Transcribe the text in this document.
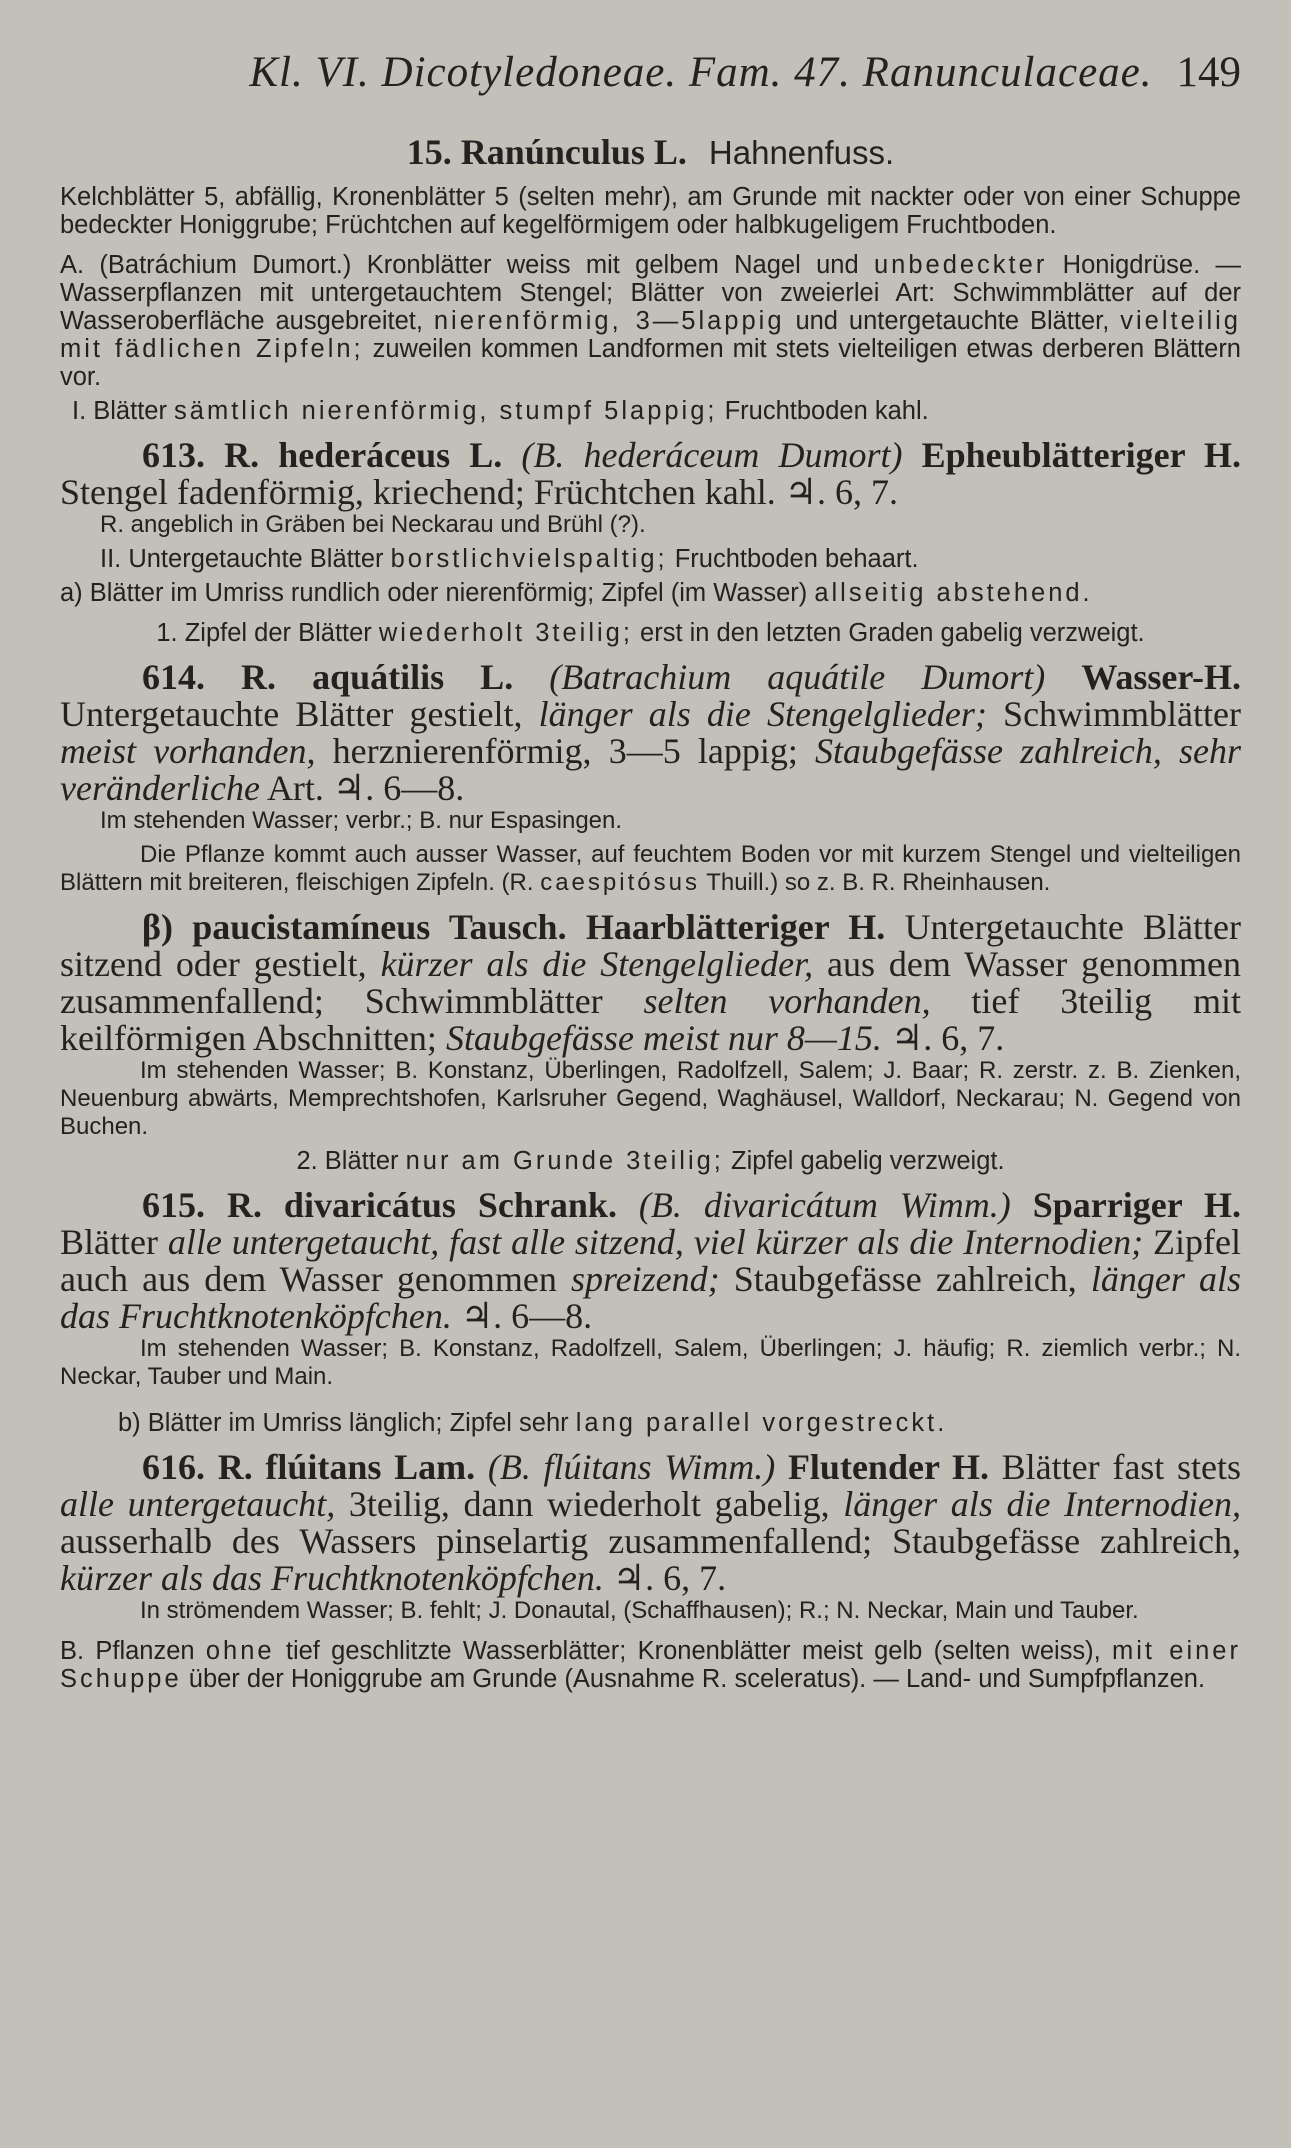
Kl. VI. Dicotyledoneae. Fam. 47. Ranunculaceae. 149
15. Ranúnculus L. Hahnenfuss.
Kelchblätter 5, abfällig, Kronenblätter 5 (selten mehr), am Grunde mit nackter oder von einer Schuppe bedeckter Honiggrube; Früchtchen auf kegelförmigem oder halbkugeligem Fruchtboden.
A. (Batráchium Dumort.) Kronblätter weiss mit gelbem Nagel und unbedeckter Honigdrüse. — Wasserpflanzen mit untergetauchtem Stengel; Blätter von zweierlei Art: Schwimmblätter auf der Wasseroberfläche ausgebreitet, nierenförmig, 3—5lappig und untergetauchte Blätter, vielteilig mit fädlichen Zipfeln; zuweilen kommen Landformen mit stets vielteiligen etwas derberen Blättern vor.
I. Blätter sämtlich nierenförmig, stumpf 5lappig; Fruchtboden kahl.
613. R. hederáceus L. (B. hederáceum Dumort) Epheublätteriger H. Stengel fadenförmig, kriechend; Früchtchen kahl. ♃. 6, 7.
R. angeblich in Gräben bei Neckarau und Brühl (?).
II. Untergetauchte Blätter borstlichvielspaltig; Fruchtboden behaart.
a) Blätter im Umriss rundlich oder nierenförmig; Zipfel (im Wasser) allseitig abstehend.
1. Zipfel der Blätter wiederholt 3teilig; erst in den letzten Graden gabelig verzweigt.
614. R. aquátilis L. (Batrachium aquátile Dumort) Wasser-H. Untergetauchte Blätter gestielt, länger als die Stengelglieder; Schwimmblätter meist vorhanden, herznierenförmig, 3—5 lappig; Staubgefässe zahlreich, sehr veränderliche Art. ♃. 6—8.
Im stehenden Wasser; verbr.; B. nur Espasingen.
Die Pflanze kommt auch ausser Wasser, auf feuchtem Boden vor mit kurzem Stengel und vielteiligen Blättern mit breiteren, fleischigen Zipfeln. (R. caespitósus Thuill.) so z. B. R. Rheinhausen.
β) paucistamíneus Tausch. Haarblätteriger H. Untergetauchte Blätter sitzend oder gestielt, kürzer als die Stengelglieder, aus dem Wasser genommen zusammenfallend; Schwimmblätter selten vorhanden, tief 3teilig mit keilförmigen Abschnitten; Staubgefässe meist nur 8—15. ♃. 6, 7.
Im stehenden Wasser; B. Konstanz, Überlingen, Radolfzell, Salem; J. Baar; R. zerstr. z. B. Zienken, Neuenburg abwärts, Memprechtshofen, Karlsruher Gegend, Waghäusel, Walldorf, Neckarau; N. Gegend von Buchen.
2. Blätter nur am Grunde 3teilig; Zipfel gabelig verzweigt.
615. R. divaricátus Schrank. (B. divaricátum Wimm.) Sparriger H. Blätter alle untergetaucht, fast alle sitzend, viel kürzer als die Internodien; Zipfel auch aus dem Wasser genommen spreizend; Staubgefässe zahlreich, länger als das Fruchtknotenköpfchen. ♃. 6—8.
Im stehenden Wasser; B. Konstanz, Radolfzell, Salem, Überlingen; J. häufig; R. ziemlich verbr.; N. Neckar, Tauber und Main.
b) Blätter im Umriss länglich; Zipfel sehr lang parallel vorgestreckt.
616. R. flúitans Lam. (B. flúitans Wimm.) Flutender H. Blätter fast stets alle untergetaucht, 3teilig, dann wiederholt gabelig, länger als die Internodien, ausserhalb des Wassers pinselartig zusammenfallend; Staubgefässe zahlreich, kürzer als das Fruchtknotenköpfchen. ♃. 6, 7.
In strömendem Wasser; B. fehlt; J. Donautal, (Schaffhausen); R.; N. Neckar, Main und Tauber.
B. Pflanzen ohne tief geschlitzte Wasserblätter; Kronenblätter meist gelb (selten weiss), mit einer Schuppe über der Honiggrube am Grunde (Ausnahme R. sceleratus). — Land- und Sumpfpflanzen.
